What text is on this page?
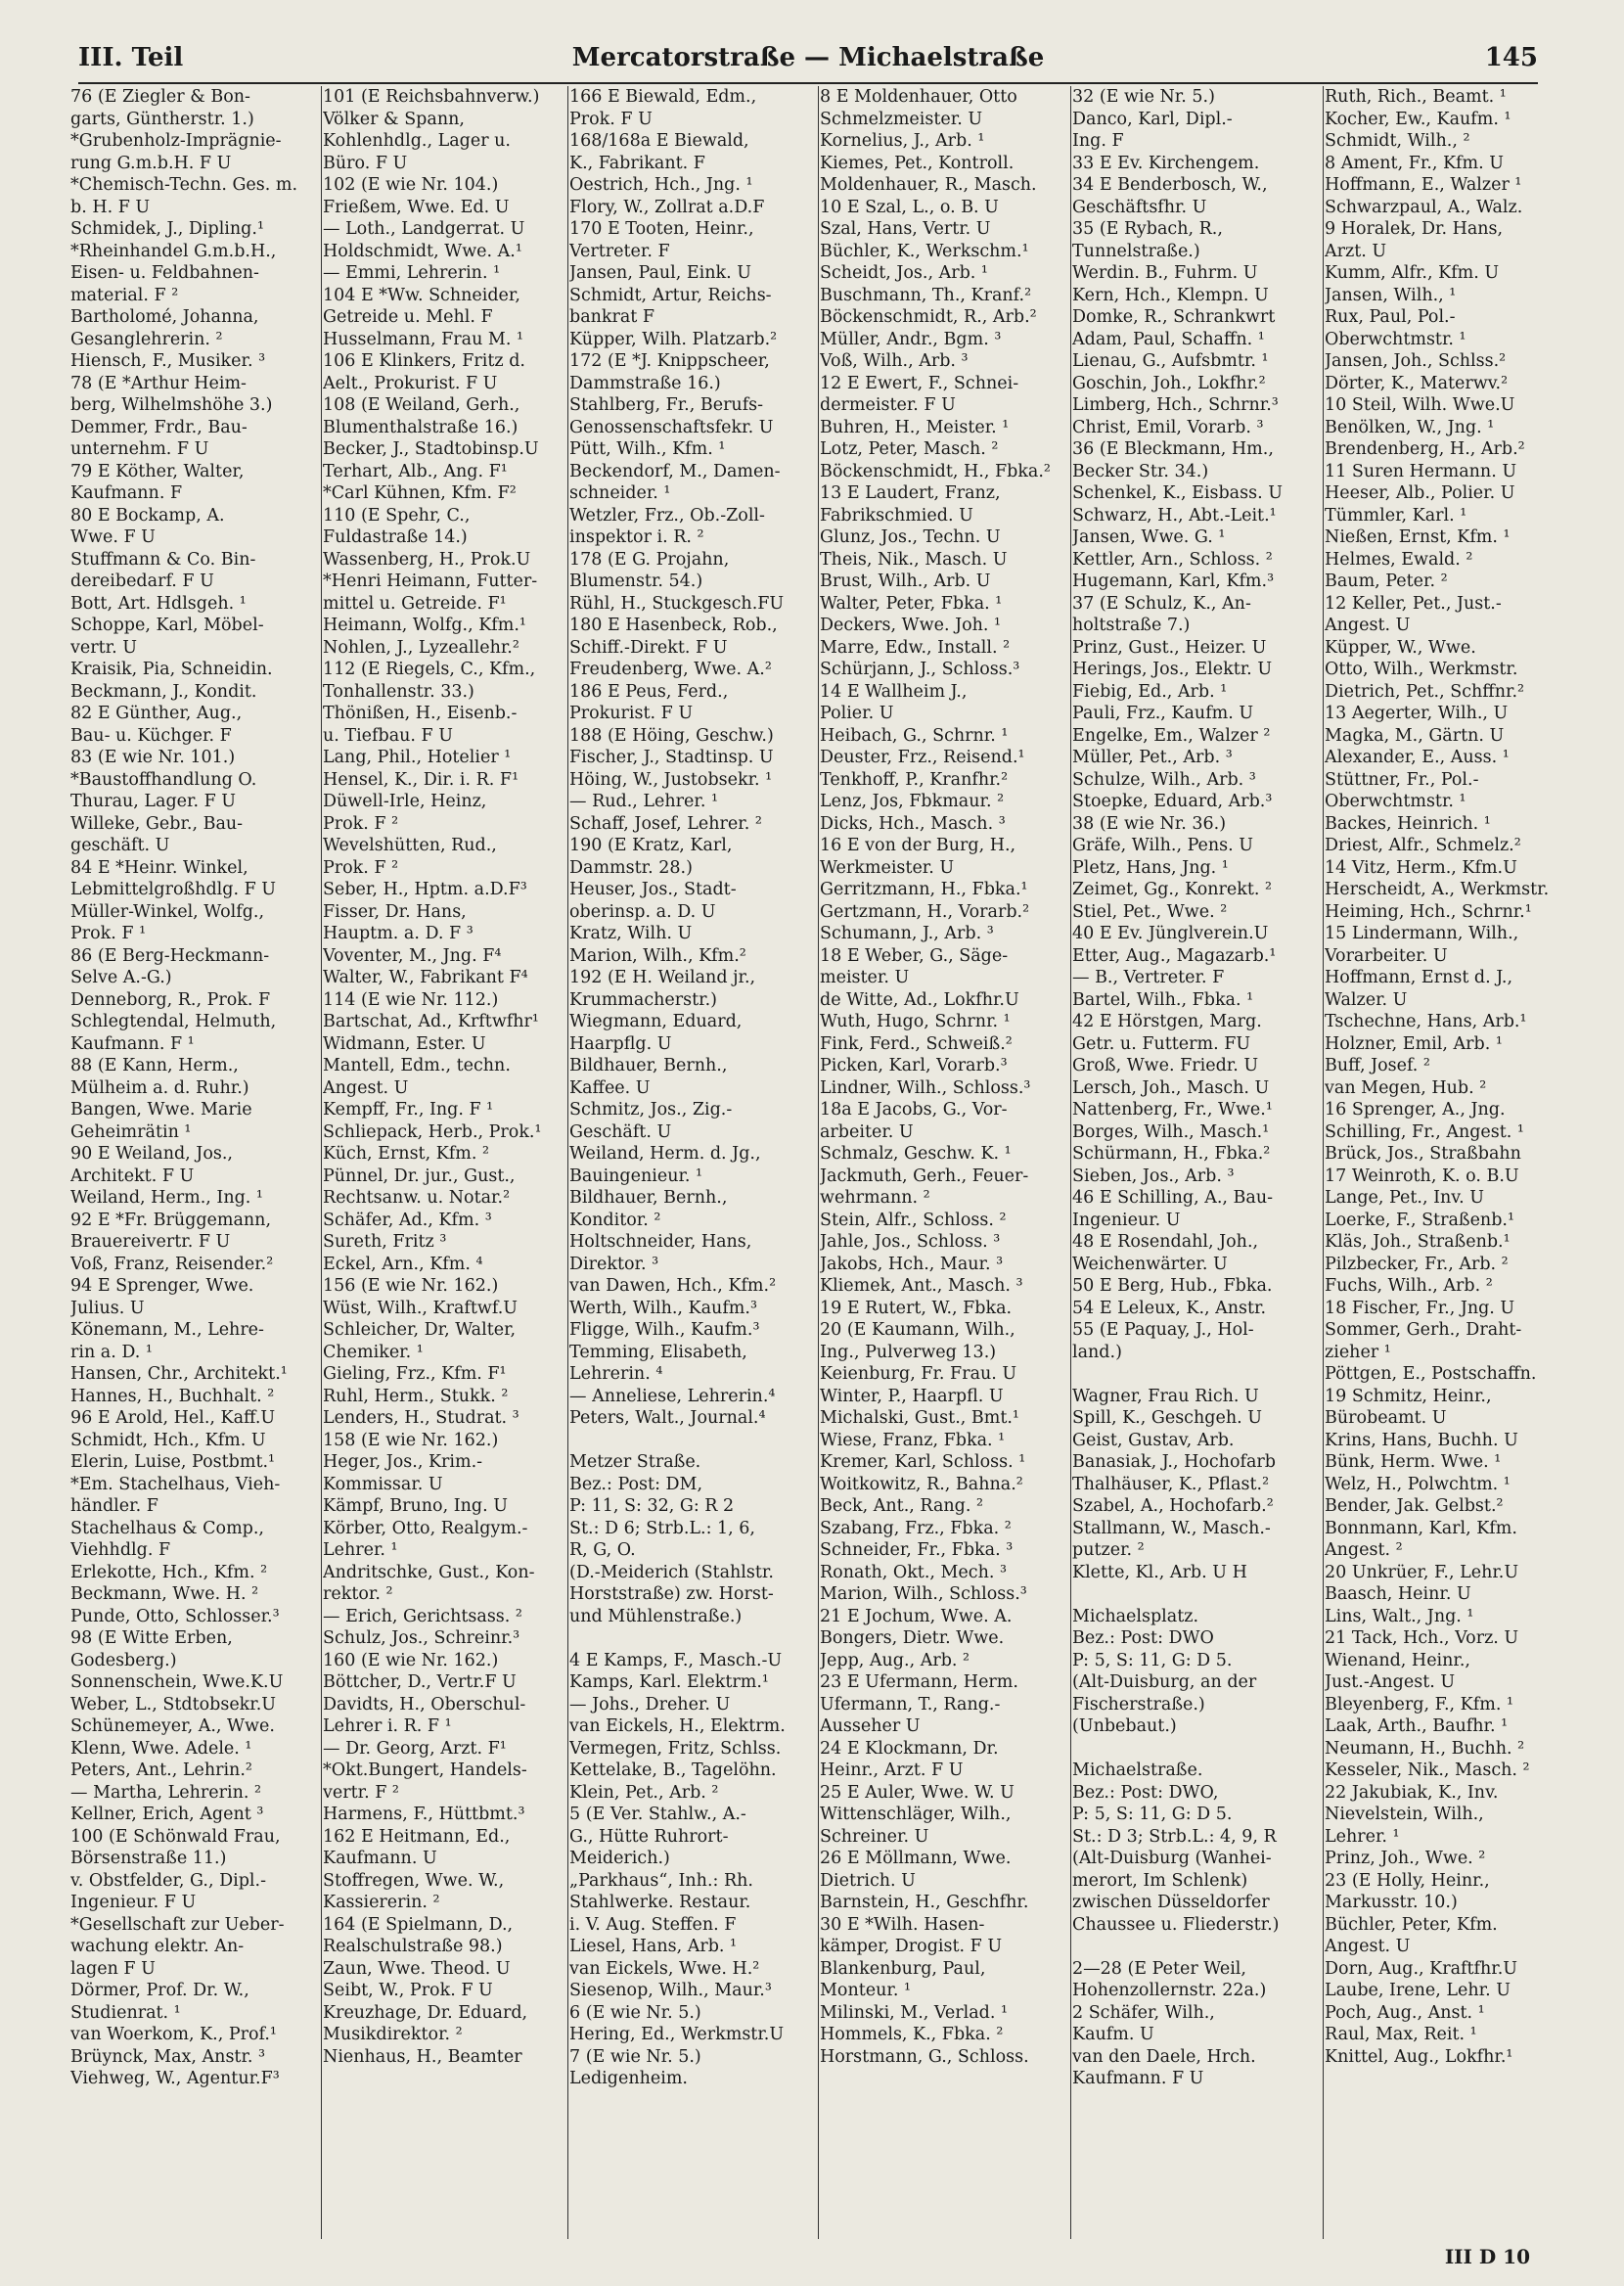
III. Teil	Mercatorstraße — Michaelstraße	145
76 (E Ziegler & Bon-
garts, Güntherstr. 1.)
*Grubenholz-Imprägnie-
rung G.m.b.H. F U
*Chemisch-Techn. Ges. m.
b. H. F U
Schmidek, J., Dipling.¹
*Rheinhandel G.m.b.H.,
Eisen- u. Feldbahnen-
material. F ²
Bartholomé, Johanna,
Gesanglehrerin. ²
Hiensch, F., Musiker. ³
78 (E *Arthur Heim-
berg, Wilhelmshöhe 3.)
Demmer, Frdr., Bau-
unternehm. F U
79 E Köther, Walter,
Kaufmann. F
80 E Bockamp, A.
Wwe. F U
Stuffmann & Co. Bin-
dereibedarf. F U
Bott, Art. Hdlsgeh. ¹
Schoppe, Karl, Möbel-
vertr. U
Kraisik, Pia, Schneidin.
Beckmann, J., Kondit.
82 E Günther, Aug.,
Bau- u. Küchger. F
83 (E wie Nr. 101.)
*Baustoffhandlung O.
Thurau, Lager. F U
Willeke, Gebr., Bau-
geschäft. U
84 E *Heinr. Winkel,
Lebmittelgroßhdlg. F U
Müller-Winkel, Wolfg.,
Prok. F ¹
86 (E Berg-Heckmann-
Selve A.-G.)
Denneborg, R., Prok. F
Schlegtendal, Helmuth,
Kaufmann. F ¹
88 (E Kann, Herm.,
Mülheim a. d. Ruhr.)
Bangen, Wwe. Marie
Geheimrätin ¹
90 E Weiland, Jos.,
Architekt. F U
Weiland, Herm., Ing. ¹
92 E *Fr. Brüggemann,
Brauereivertr. F U
Voß, Franz, Reisender.²
94 E Sprenger, Wwe.
Julius. U
Könemann, M., Lehre-
rin a. D. ¹
Hansen, Chr., Architekt.¹
Hannes, H., Buchhalt. ²
96 E Arold, Hel., Kaff.U
Schmidt, Hch., Kfm. U
Elerin, Luise, Postbmt.¹
*Em. Stachelhaus, Vieh-
händler. F
Stachelhaus & Comp.,
Viehhdlg. F
Erlekotte, Hch., Kfm. ²
Beckmann, Wwe. H. ²
Punde, Otto, Schlosser.³
98 (E Witte Erben,
Godesberg.)
Sonnenschein, Wwe.K.U
Weber, L., Stdtobsekr.U
Schünemeyer, A., Wwe.
Klenn, Wwe. Adele. ¹
Peters, Ant., Lehrin.²
— Martha, Lehrerin. ²
Kellner, Erich, Agent ³
100 (E Schönwald Frau,
Börsenstraße 11.)
v. Obstfelder, G., Dipl.-
Ingenieur. F U
*Gesellschaft zur Ueber-
wachung elektr. An-
lagen F U
Dörmer, Prof. Dr. W.,
Studienrat. ¹
van Woerkom, K., Prof.¹
Brüynck, Max, Anstr. ³
Viehweg, W., Agentur.F³
101 (E Reichsbahnverw.)
Völker & Spann,
Kohlenhdlg., Lager u.
Büro. F U
102 (E wie Nr. 104.)
Frießem, Wwe. Ed. U
— Loth., Landgerrat. U
Holdschmidt, Wwe. A.¹
— Emmi, Lehrerin. ¹
104 E *Ww. Schneider,
Getreide u. Mehl. F
Husselmann, Frau M. ¹
106 E Klinkers, Fritz d.
Aelt., Prokurist. F U
108 (E Weiland, Gerh.,
Blumenthalstraße 16.)
Becker, J., Stadtobinsp.U
Terhart, Alb., Ang. F¹
*Carl Kühnen, Kfm. F²
110 (E Spehr, C.,
Fuldastraße 14.)
Wassenberg, H., Prok.U
*Henri Heimann, Futter-
mittel u. Getreide. F¹
Heimann, Wolfg., Kfm.¹
Nohlen, J., Lyzeallehr.²
112 (E Riegels, C., Kfm.,
Tonhallenstr. 33.)
Thönißen, H., Eisenb.-
u. Tiefbau. F U
Lang, Phil., Hotelier ¹
Hensel, K., Dir. i. R. F¹
Düwell-Irle, Heinz,
Prok. F ²
Wevelshütten, Rud.,
Prok. F ²
Seber, H., Hptm. a.D.F³
Fisser, Dr. Hans,
Hauptm. a. D. F ³
Voventer, M., Jng. F⁴
Walter, W., Fabrikant F⁴
114 (E wie Nr. 112.)
Bartschat, Ad., Krftwfhr¹
Widmann, Ester. U
Mantell, Edm., techn.
Angest. U
Kempff, Fr., Ing. F ¹
Schliepack, Herb., Prok.¹
Küch, Ernst, Kfm. ²
Pünnel, Dr. jur., Gust.,
Rechtsanw. u. Notar.²
Schäfer, Ad., Kfm. ³
Sureth, Fritz ³
Eckel, Arn., Kfm. ⁴
156 (E wie Nr. 162.)
Wüst, Wilh., Kraftwf.U
Schleicher, Dr, Walter,
Chemiker. ¹
Gieling, Frz., Kfm. F¹
Ruhl, Herm., Stukk. ²
Lenders, H., Studrat. ³
158 (E wie Nr. 162.)
Heger, Jos., Krim.-
Kommissar. U
Kämpf, Bruno, Ing. U
Körber, Otto, Realgym.-
Lehrer. ¹
Andritschke, Gust., Kon-
rektor. ²
— Erich, Gerichtsass. ²
Schulz, Jos., Schreinr.³
160 (E wie Nr. 162.)
Böttcher, D., Vertr.F U
Davidts, H., Oberschul-
Lehrer i. R. F ¹
— Dr. Georg, Arzt. F¹
*Okt.Bungert, Handels-
vertr. F ²
Harmens, F., Hüttbmt.³
162 E Heitmann, Ed.,
Kaufmann. U
Stoffregen, Wwe. W.,
Kassiererin. ²
164 (E Spielmann, D.,
Realschulstraße 98.)
Zaun, Wwe. Theod. U
Seibt, W., Prok. F U
Kreuzhage, Dr. Eduard,
Musikdirektor. ²
Nienhaus, H., Beamter
166 E Biewald, Edm.,
Prok. F U
168/168a E Biewald,
K., Fabrikant. F
Oestrich, Hch., Jng. ¹
Flory, W., Zollrat a.D.F
170 E Tooten, Heinr.,
Vertreter. F
Jansen, Paul, Eink. U
Schmidt, Artur, Reichs-
bankrat F
Küpper, Wilh. Platzarb.²
172 (E *J. Knippscheer,
Dammstraße 16.)
Stahlberg, Fr., Berufs-
Genossenschaftsfekr. U
Pütt, Wilh., Kfm. ¹
Beckendorf, M., Damen-
schneider. ¹
Wetzler, Frz., Ob.-Zoll-
inspektor i. R. ²
178 (E G. Projahn,
Blumenstr. 54.)
Rühl, H., Stuckgesch.FU
180 E Hasenbeck, Rob.,
Schiff.-Direkt. F U
Freudenberg, Wwe. A.²
186 E Peus, Ferd.,
Prokurist. F U
188 (E Höing, Geschw.)
Fischer, J., Stadtinsp. U
Höing, W., Justobsekr. ¹
— Rud., Lehrer. ¹
Schaff, Josef, Lehrer. ²
190 (E Kratz, Karl,
Dammstr. 28.)
Heuser, Jos., Stadt-
oberinsp. a. D. U
Kratz, Wilh. U
Marion, Wilh., Kfm.²
192 (E H. Weiland jr.,
Krummacherstr.)
Wiegmann, Eduard,
Haarpflg. U
Bildhauer, Bernh.,
Kaffee. U
Schmitz, Jos., Zig.-
Geschäft. U
Weiland, Herm. d. Jg.,
Bauingenieur. ¹
Bildhauer, Bernh.,
Konditor. ²
Holtschneider, Hans,
Direktor. ³
van Dawen, Hch., Kfm.²
Werth, Wilh., Kaufm.³
Fligge, Wilh., Kaufm.³
Temming, Elisabeth,
Lehrerin. ⁴
— Anneliese, Lehrerin.⁴
Peters, Walt., Journal.⁴
Metzer Straße.
Bez.: Post: DM,
P: 11, S: 32, G: R 2
St.: D 6; Strb.L.: 1, 6,
R, G, O.
(D.-Meiderich (Stahlstr.
Horststraße) zw. Horst-
und Mühlenstraße.)
4 E Kamps, F., Masch.-U
Kamps, Karl. Elektrm.¹
— Johs., Dreher. U
van Eickels, H., Elektrm.
Vermegen, Fritz, Schlss.
Kettelake, B., Tagelöhn.
Klein, Pet., Arb. ²
5 (E Ver. Stahlw., A.-
G., Hütte Ruhrort-
Meiderich.)
„Parkhaus“, Inh.: Rh.
Stahlwerke. Restaur.
i. V. Aug. Steffen. F
Liesel, Hans, Arb. ¹
van Eickels, Wwe. H.²
Siesenop, Wilh., Maur.³
6 (E wie Nr. 5.)
Hering, Ed., Werkmstr.U
7 (E wie Nr. 5.)
Ledigenheim.
8 E Moldenhauer, Otto
Schmelzmeister. U
Kornelius, J., Arb. ¹
Kiemes, Pet., Kontroll.
Moldenhauer, R., Masch.
10 E Szal, L., o. B. U
Szal, Hans, Vertr. U
Büchler, K., Werkschm.¹
Scheidt, Jos., Arb. ¹
Buschmann, Th., Kranf.²
Böckenschmidt, R., Arb.²
Müller, Andr., Bgm. ³
Voß, Wilh., Arb. ³
12 E Ewert, F., Schnei-
dermeister. F U
Buhren, H., Meister. ¹
Lotz, Peter, Masch. ²
Böckenschmidt, H., Fbka.²
13 E Laudert, Franz,
Fabrikschmied. U
Glunz, Jos., Techn. U
Theis, Nik., Masch. U
Brust, Wilh., Arb. U
Walter, Peter, Fbka. ¹
Deckers, Wwe. Joh. ¹
Marre, Edw., Install. ²
Schürjann, J., Schloss.³
14 E Wallheim J.,
Polier. U
Heibach, G., Schrnr. ¹
Deuster, Frz., Reisend.¹
Tenkhoff, P., Kranfhr.²
Lenz, Jos, Fbkmaur. ²
Dicks, Hch., Masch. ³
16 E von der Burg, H.,
Werkmeister. U
Gerritzmann, H., Fbka.¹
Gertzmann, H., Vorarb.²
Schumann, J., Arb. ³
18 E Weber, G., Säge-
meister. U
de Witte, Ad., Lokfhr.U
Wuth, Hugo, Schrnr. ¹
Fink, Ferd., Schweiß.²
Picken, Karl, Vorarb.³
Lindner, Wilh., Schloss.³
18a E Jacobs, G., Vor-
arbeiter. U
Schmalz, Geschw. K. ¹
Jackmuth, Gerh., Feuer-
wehrmann. ²
Stein, Alfr., Schloss. ²
Jahle, Jos., Schloss. ³
Jakobs, Hch., Maur. ³
Kliemek, Ant., Masch. ³
19 E Rutert, W., Fbka.
20 (E Kaumann, Wilh.,
Ing., Pulverweg 13.)
Keienburg, Fr. Frau. U
Winter, P., Haarpfl. U
Michalski, Gust., Bmt.¹
Wiese, Franz, Fbka. ¹
Kremer, Karl, Schloss. ¹
Woitkowitz, R., Bahna.²
Beck, Ant., Rang. ²
Szabang, Frz., Fbka. ²
Schneider, Fr., Fbka. ³
Ronath, Okt., Mech. ³
Marion, Wilh., Schloss.³
21 E Jochum, Wwe. A.
Bongers, Dietr. Wwe.
Jepp, Aug., Arb. ²
23 E Ufermann, Herm.
Ufermann, T., Rang.-
Ausseher U
24 E Klockmann, Dr.
Heinr., Arzt. F U
25 E Auler, Wwe. W. U
Wittenschläger, Wilh.,
Schreiner. U
26 E Möllmann, Wwe.
Dietrich. U
Barnstein, H., Geschfhr.
30 E *Wilh. Hasen-
kämper, Drogist. F U
Blankenburg, Paul,
Monteur. ¹
Milinski, M., Verlad. ¹
Hommels, K., Fbka. ²
Horstmann, G., Schloss.
32 (E wie Nr. 5.)
Danco, Karl, Dipl.-
Ing. F
33 E Ev. Kirchengem.
34 E Benderbosch, W.,
Geschäftsfhr. U
35 (E Rybach, R.,
Tunnelstraße.)
Werdin. B., Fuhrm. U
Kern, Hch., Klempn. U
Domke, R., Schrankwrt
Adam, Paul, Schaffn. ¹
Lienau, G., Aufsbmtr. ¹
Goschin, Joh., Lokfhr.²
Limberg, Hch., Schrnr.³
Christ, Emil, Vorarb. ³
36 (E Bleckmann, Hm.,
Becker Str. 34.)
Schenkel, K., Eisbass. U
Schwarz, H., Abt.-Leit.¹
Jansen, Wwe. G. ¹
Kettler, Arn., Schloss. ²
Hugemann, Karl, Kfm.³
37 (E Schulz, K., An-
holtstraße 7.)
Prinz, Gust., Heizer. U
Herings, Jos., Elektr. U
Fiebig, Ed., Arb. ¹
Pauli, Frz., Kaufm. U
Engelke, Em., Walzer ²
Müller, Pet., Arb. ³
Schulze, Wilh., Arb. ³
Stoepke, Eduard, Arb.³
38 (E wie Nr. 36.)
Gräfe, Wilh., Pens. U
Pletz, Hans, Jng. ¹
Zeimet, Gg., Konrekt. ²
Stiel, Pet., Wwe. ²
40 E Ev. Jünglverein.U
Etter, Aug., Magazarb.¹
— B., Vertreter. F
Bartel, Wilh., Fbka. ¹
42 E Hörstgen, Marg.
Getr. u. Futterm. FU
Groß, Wwe. Friedr. U
Lersch, Joh., Masch. U
Nattenberg, Fr., Wwe.¹
Borges, Wilh., Masch.¹
Schürmann, H., Fbka.²
Sieben, Jos., Arb. ³
46 E Schilling, A., Bau-
Ingenieur. U
48 E Rosendahl, Joh.,
Weichenwärter. U
50 E Berg, Hub., Fbka.
54 E Leleux, K., Anstr.
55 (E Paquay, J., Hol-
land.)
Wagner, Frau Rich. U
Spill, K., Geschgeh. U
Geist, Gustav, Arb.
Banasiak, J., Hochofarb
Thalhäuser, K., Pflast.²
Szabel, A., Hochofarb.²
Stallmann, W., Masch.-
putzer. ²
Klette, Kl., Arb. U H
Michaelsplatz.
Bez.: Post: DWO
P: 5, S: 11, G: D 5.
(Alt-Duisburg, an der
Fischerstraße.)
(Unbebaut.)
Michaelstraße.
Bez.: Post: DWO,
P: 5, S: 11, G: D 5.
St.: D 3; Strb.L.: 4, 9, R
(Alt-Duisburg (Wanhei-
merort, Im Schlenk)
zwischen Düsseldorfer
Chaussee u. Fliederstr.)
2—28 (E Peter Weil,
Hohenzollernstr. 22a.)
2 Schäfer, Wilh.,
Kaufm. U
van den Daele, Hrch.
Kaufmann. F U
Ruth, Rich., Beamt. ¹
Kocher, Ew., Kaufm. ¹
Schmidt, Wilh., ²
8 Ament, Fr., Kfm. U
Hoffmann, E., Walzer ¹
Schwarzpaul, A., Walz.
9 Horalek, Dr. Hans,
Arzt. U
Kumm, Alfr., Kfm. U
Jansen, Wilh., ¹
Rux, Paul, Pol.-
Oberwchtmstr. ¹
Jansen, Joh., Schlss.²
Dörter, K., Materwv.²
10 Steil, Wilh. Wwe.U
Benölken, W., Jng. ¹
Brendenberg, H., Arb.²
11 Suren Hermann. U
Heeser, Alb., Polier. U
Tümmler, Karl. ¹
Nießen, Ernst, Kfm. ¹
Helmes, Ewald. ²
Baum, Peter. ²
12 Keller, Pet., Just.-
Angest. U
Küpper, W., Wwe.
Otto, Wilh., Werkmstr.
Dietrich, Pet., Schffnr.²
13 Aegerter, Wilh., U
Magka, M., Gärtn. U
Alexander, E., Auss. ¹
Stüttner, Fr., Pol.-
Oberwchtmstr. ¹
Backes, Heinrich. ¹
Driest, Alfr., Schmelz.²
14 Vitz, Herm., Kfm.U
Herscheidt, A., Werkmstr.
Heiming, Hch., Schrnr.¹
15 Lindermann, Wilh.,
Vorarbeiter. U
Hoffmann, Ernst d. J.,
Walzer. U
Tschechne, Hans, Arb.¹
Holzner, Emil, Arb. ¹
Buff, Josef. ²
van Megen, Hub. ²
16 Sprenger, A., Jng.
Schilling, Fr., Angest. ¹
Brück, Jos., Straßbahn
17 Weinroth, K. o. B.U
Lange, Pet., Inv. U
Loerke, F., Straßenb.¹
Kläs, Joh., Straßenb.¹
Pilzbecker, Fr., Arb. ²
Fuchs, Wilh., Arb. ²
18 Fischer, Fr., Jng. U
Sommer, Gerh., Draht-
zieher ¹
Pöttgen, E., Postschaffn.
19 Schmitz, Heinr.,
Bürobeamt. U
Krins, Hans, Buchh. U
Bünk, Herm. Wwe. ¹
Welz, H., Polwchtm. ¹
Bender, Jak. Gelbst.²
Bonnmann, Karl, Kfm.
Angest. ²
20 Unkrüer, F., Lehr.U
Baasch, Heinr. U
Lins, Walt., Jng. ¹
21 Tack, Hch., Vorz. U
Wienand, Heinr.,
Just.-Angest. U
Bleyenberg, F., Kfm. ¹
Laak, Arth., Baufhr. ¹
Neumann, H., Buchh. ²
Kesseler, Nik., Masch. ²
22 Jakubiak, K., Inv.
Nievelstein, Wilh.,
Lehrer. ¹
Prinz, Joh., Wwe. ²
23 (E Holly, Heinr.,
Markusstr. 10.)
Büchler, Peter, Kfm.
Angest. U
Dorn, Aug., Kraftfhr.U
Laube, Irene, Lehr. U
Poch, Aug., Anst. ¹
Raul, Max, Reit. ¹
Knittel, Aug., Lokfhr.¹
III D 10
